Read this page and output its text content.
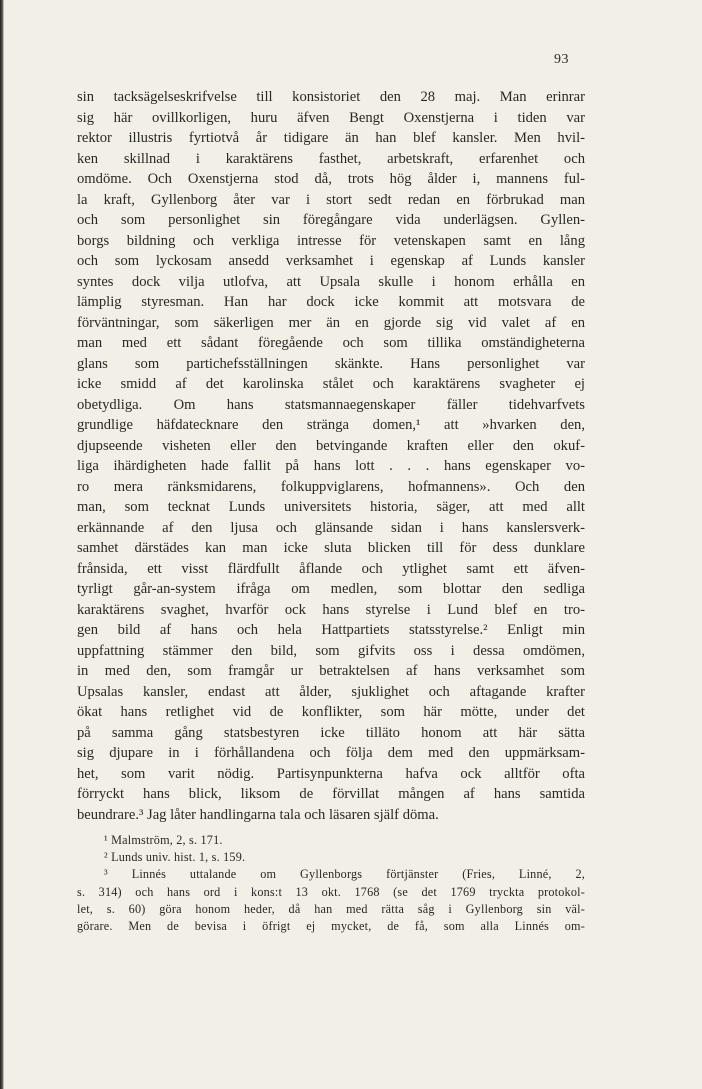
93
sin tacksägelseskrifvelse till konsistoriet den 28 maj. Man erinrar
sig här ovillkorligen, huru äfven Bengt Oxenstjerna i tiden var
rektor illustris fyrtiotvå år tidigare än han blef kansler. Men hvil-
ken skillnad i karaktärens fasthet, arbetskraft, erfarenhet och
omdöme. Och Oxenstjerna stod då, trots hög ålder i, mannens ful-
la kraft, Gyllenborg åter var i stort sedt redan en förbrukad man
och som personlighet sin föregångare vida underlägsen. Gyllen-
borgs bildning och verkliga intresse för vetenskapen samt en lång
och som lyckosam ansedd verksamhet i egenskap af Lunds kansler
syntes dock vilja utlofva, att Upsala skulle i honom erhålla en
lämplig styresman. Han har dock icke kommit att motsvara de
förväntningar, som säkerligen mer än en gjorde sig vid valet af en
man med ett sådant föregående och som tillika omständigheterna
glans som partichefsställningen skänkte. Hans personlighet var
icke smidd af det karolinska stålet och karaktärens svagheter ej
obetydliga. Om hans statsmannaegenskaper fäller tidehvarfvets
grundlige häfdatecknare den stränga domen,¹ att »hvarken den,
djupseende visheten eller den betvingande kraften eller den okuf-
liga ihärdigheten hade fallit på hans lott . . . hans egenskaper vo-
ro mera ränksmidarens, folkuppviglarens, hofmannens». Och den
man, som tecknat Lunds universitets historia, säger, att med allt
erkännande af den ljusa och glänsande sidan i hans kanslersverk-
samhet därstädes kan man icke sluta blicken till för dess dunklare
frånsida, ett visst flärdfullt åflande och ytlighet samt ett äfven-
tyrligt går-an-system ifråga om medlen, som blottar den sedliga
karaktärens svaghet, hvarför ock hans styrelse i Lund blef en tro-
gen bild af hans och hela Hattpartiets statsstyrelse.² Enligt min
uppfattning stämmer den bild, som gifvits oss i dessa omdömen,
in med den, som framgår ur betraktelsen af hans verksamhet som
Upsalas kansler, endast att ålder, sjuklighet och aftagande krafter
ökat hans retlighet vid de konflikter, som här mötte, under det
på samma gång statsbestyren icke tilläto honom att här sätta
sig djupare in i förhållandena och följa dem med den uppmärksam-
het, som varit nödig. Partisynpunkterna hafva ock alltför ofta
förryckt hans blick, liksom de förvillat mången af hans samtida
beundrare.³ Jag låter handlingarna tala och läsaren själf döma.
¹ Malmström, 2, s. 171.
² Lunds univ. hist. 1, s. 159.
³ Linnés uttalande om Gyllenborgs förtjänster (Fries, Linné, 2,
s. 314) och hans ord i kons:t 13 okt. 1768 (se det 1769 tryckta protokol-
let, s. 60) göra honom heder, då han med rätta såg i Gyllenborg sin väl-
görare. Men de bevisa i öfrigt ej mycket, de få, som alla Linnés om-
